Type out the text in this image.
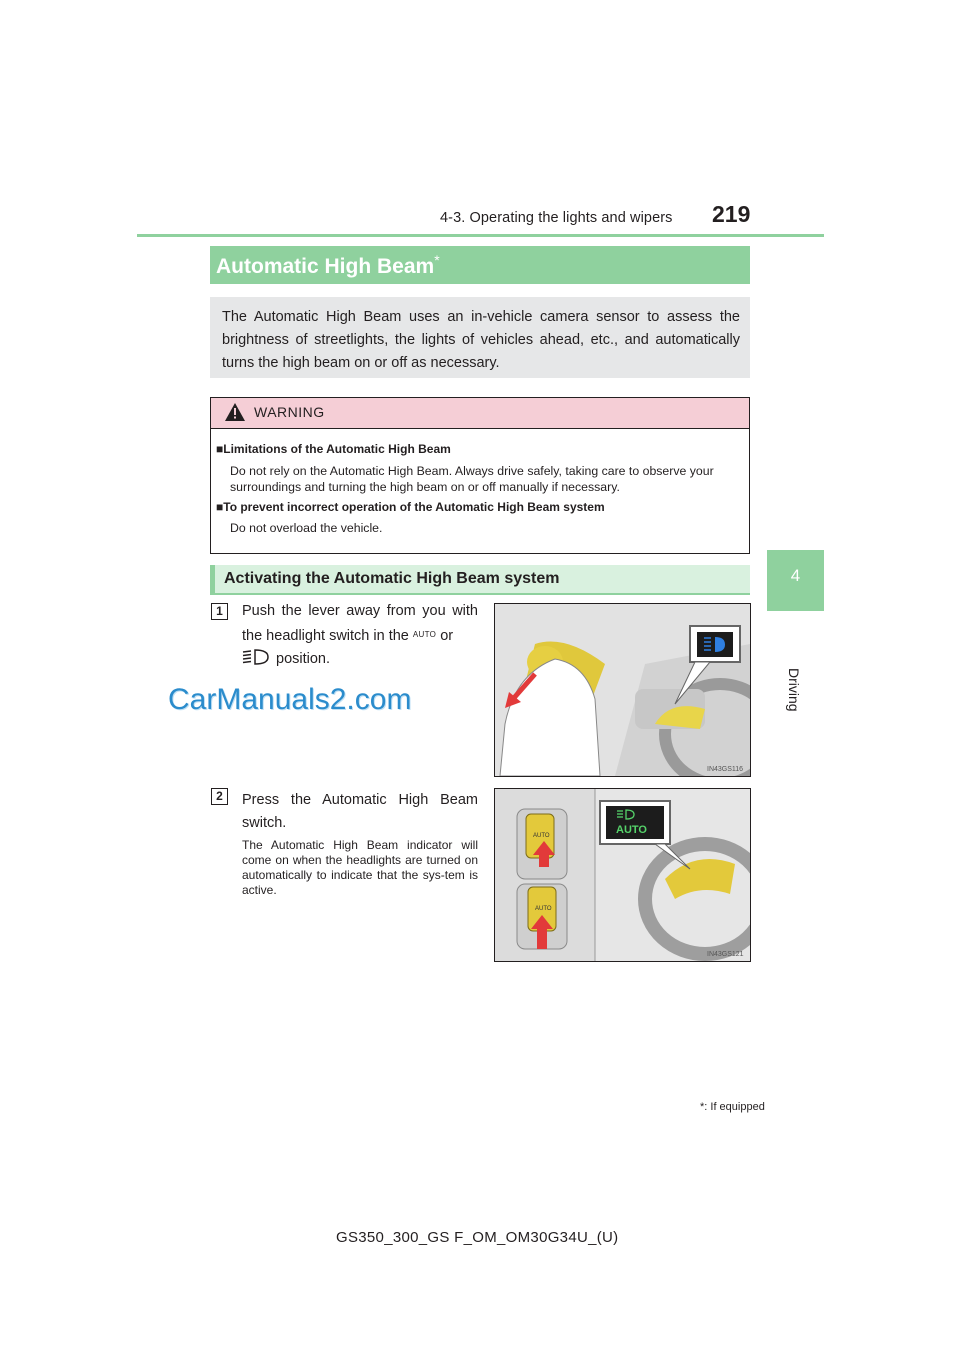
4-3. Operating the lights and wipers 219
4
Driving
Automatic High Beam*
The Automatic High Beam uses an in-vehicle camera sensor to assess the brightness of streetlights, the lights of vehicles ahead, etc., and automatically turns the high beam on or off as necessary.
WARNING
■Limitations of the Automatic High Beam
Do not rely on the Automatic High Beam. Always drive safely, taking care to observe your surroundings and turning the high beam on or off manually if necessary.
■To prevent incorrect operation of the Automatic High Beam system
Do not overload the vehicle.
Activating the Automatic High Beam system
1	Push the lever away from you with the headlight switch in the $^{AUTO}$ or
position.
IN43GS116
CarManuals2.com
2	Press the Automatic High Beam switch.
The Automatic High Beam indicator will come on when the headlights are turned on automatically to indicate that the sys-tem is active.
AUTO
AUTO
AUTO
IN43GS121
*: If equipped
GS350_300_GS F_OM_OM30G34U_(U)
